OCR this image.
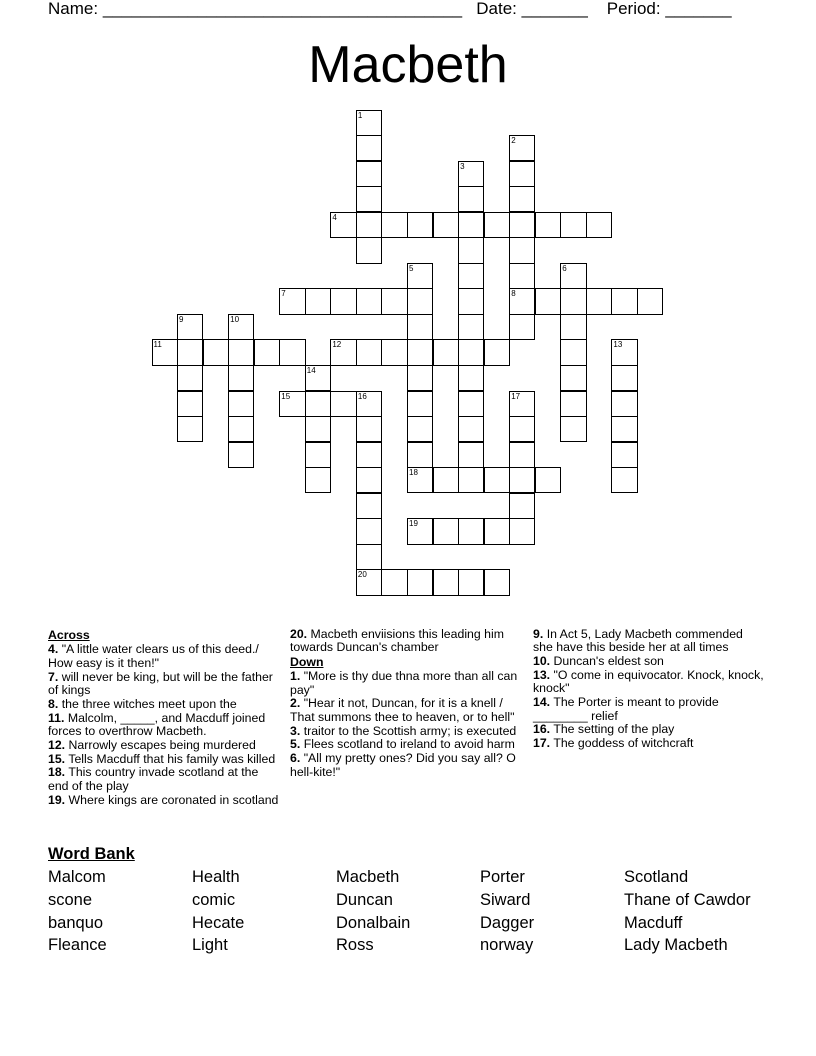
Name: ______________________________________ Date: _______ Period: _______
Macbeth
1
2
8
3
4
5	6
7
9	10
11	12	13
14
15	16
20
17
18
19
Across
4. "A little water clears us of this deed./ How easy is it then!"
7. will never be king, but will be the father of kings
8. the three witches meet upon the
11. Malcolm, _____, and Macduff joined forces to overthrow Macbeth.
12. Narrowly escapes being murdered
15. Tells Macduff that his family was killed
18. This country invade scotland at the end of the play
19. Where kings are coronated in scotland
20. Macbeth enviisions this leading him towards Duncan's chamber
Down
1. "More is thy due thna more than all can pay"
2. "Hear it not, Duncan, for it is a knell / That summons thee to heaven, or to hell"
3. traitor to the Scottish army; is executed
5. Flees scotland to ireland to avoid harm
6. "All my pretty ones? Did you say all? O hell-kite!"
9. In Act 5, Lady Macbeth commended she have this beside her at all times
10. Duncan's eldest son
13. "O come in equivocator. Knock, knock, knock"
14. The Porter is meant to provide ________ relief
16. The setting of the play
17. The goddess of witchcraft
Word Bank
Malcom	Health	Macbeth	Porter	Scotland
scone	comic	Duncan	Siward	Thane of Cawdor
banquo	Hecate	Donalbain	Dagger	Macduff
Fleance	Light	Ross	norway	Lady Macbeth
